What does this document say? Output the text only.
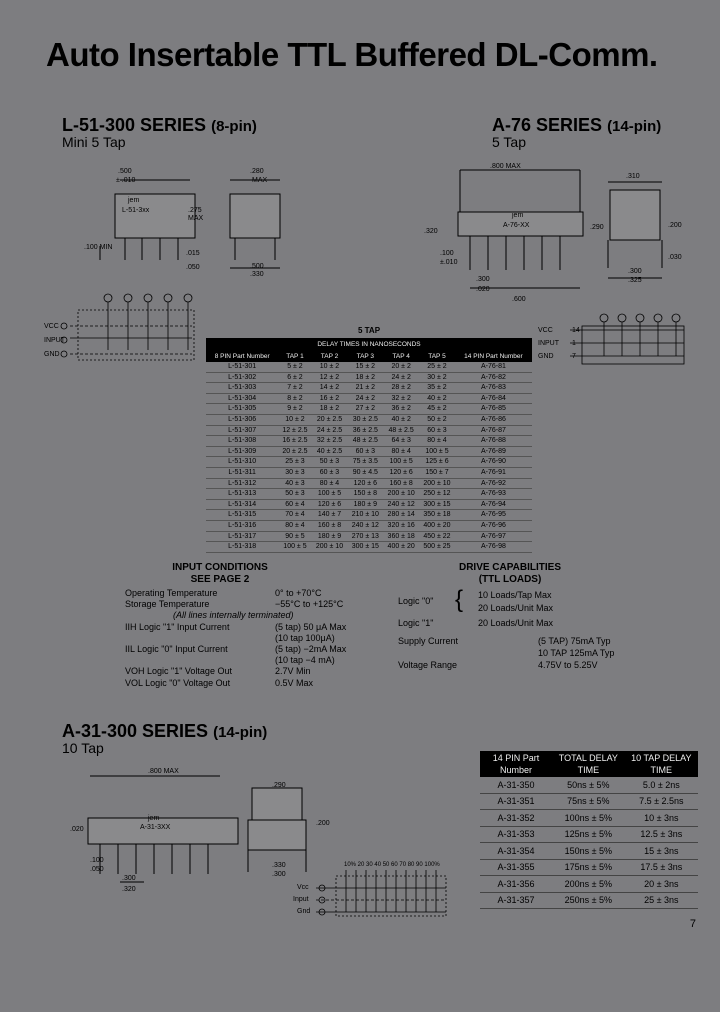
Auto Insertable TTL Buffered DL-Comm.
L-51-300 SERIES (8-pin)
Mini 5 Tap
A-76 SERIES (14-pin)
5 Tap
.500
± .010
jem
L-51-3xx	.275
MAX
.100 MIN
.015
.050
.280
MAX
.500
.330
.800 MAX
jem
A-76-XX
.320
.100
±.010
.300
.600
.020
.310
.290	.200
.030
.300
.325
VCC
INPUT
GND
VCC
INPUT
GND
14
1
7
5 TAP
DELAY TIMES IN NANOSECONDS						
8 PIN Part Number	TAP 1	TAP 2	TAP 3	TAP 4	TAP 5	14 PIN Part Number
L-51-301	5 ± 2	10 ± 2	15 ± 2	20 ± 2	25 ± 2	A-76-81
L-51-302	6 ± 2	12 ± 2	18 ± 2	24 ± 2	30 ± 2	A-76-82
L-51-303	7 ± 2	14 ± 2	21 ± 2	28 ± 2	35 ± 2	A-76-83
L-51-304	8 ± 2	16 ± 2	24 ± 2	32 ± 2	40 ± 2	A-76-84
L-51-305	9 ± 2	18 ± 2	27 ± 2	36 ± 2	45 ± 2	A-76-85
L-51-306	10 ± 2	20 ± 2.5	30 ± 2.5	40 ± 2	50 ± 2	A-76-86
L-51-307	12 ± 2.5	24 ± 2.5	36 ± 2.5	48 ± 2.5	60 ± 3	A-76-87
L-51-308	16 ± 2.5	32 ± 2.5	48 ± 2.5	64 ± 3	80 ± 4	A-76-88
L-51-309	20 ± 2.5	40 ± 2.5	60 ± 3	80 ± 4	100 ± 5	A-76-89
L-51-310	25 ± 3	50 ± 3	75 ± 3.5	100 ± 5	125 ± 6	A-76-90
L-51-311	30 ± 3	60 ± 3	90 ± 4.5	120 ± 6	150 ± 7	A-76-91
L-51-312	40 ± 3	80 ± 4	120 ± 6	160 ± 8	200 ± 10	A-76-92
L-51-313	50 ± 3	100 ± 5	150 ± 8	200 ± 10	250 ± 12	A-76-93
L-51-314	60 ± 4	120 ± 6	180 ± 9	240 ± 12	300 ± 15	A-76-94
L-51-315	70 ± 4	140 ± 7	210 ± 10	280 ± 14	350 ± 18	A-76-95
L-51-316	80 ± 4	160 ± 8	240 ± 12	320 ± 16	400 ± 20	A-76-96
L-51-317	90 ± 5	180 ± 9	270 ± 13	360 ± 18	450 ± 22	A-76-97
L-51-318	100 ± 5	200 ± 10	300 ± 15	400 ± 20	500 ± 25	A-76-98
INPUT CONDITIONS
SEE PAGE 2
Operating Temperature	0° to +70°C
Storage Temperature	−55°C to +125°C
(All lines internally terminated)
IIH Logic "1" Input Current	(5 tap) 50 μA Max
(10 tap 100μA)
IIL Logic "0" Input Current	(5 tap) −2mA Max
(10 tap −4 mA)
VOH Logic "1" Voltage Out	2.7V Min
VOL Logic "0" Voltage Out	0.5V Max
DRIVE CAPABILITIES
(TTL LOADS)
Logic "0" { 10 Loads/Tap Max
20 Loads/Unit Max
Logic "1"	20 Loads/Unit Max
Supply Current	(5 TAP) 75mA Typ
10 TAP 125mA Typ
Voltage Range	4.75V to 5.25V
A-31-300 SERIES (14-pin)
10 Tap
.800 MAX
jem
A-31-3XX
.020
.100
.050
.300
.320
.290
.200
.330
.300
10% 20 30 40 50 60 70 80 90 100%
Vcc
Input
Gnd
14 PIN Part Number	TOTAL DELAY TIME	10 TAP DELAY TIME
A-31-350	50ns ± 5%	5.0 ± 2ns
A-31-351	75ns ± 5%	7.5 ± 2.5ns
A-31-352	100ns ± 5%	10 ± 3ns
A-31-353	125ns ± 5%	12.5 ± 3ns
A-31-354	150ns ± 5%	15 ± 3ns
A-31-355	175ns ± 5%	17.5 ± 3ns
A-31-356	200ns ± 5%	20 ± 3ns
A-31-357	250ns ± 5%	25 ± 3ns
7
